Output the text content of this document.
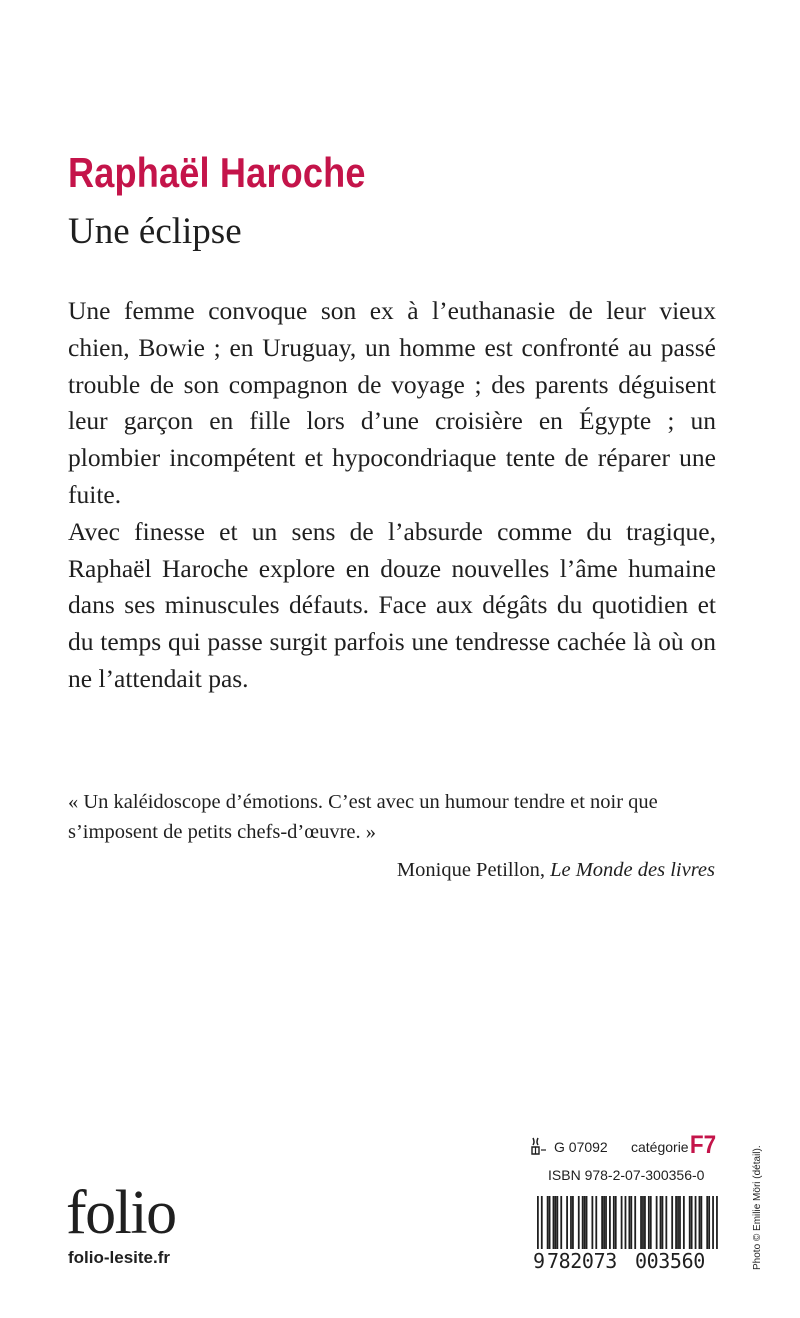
Raphaël Haroche
Une éclipse

Une femme convoque son ex à l’euthanasie de leur vieux chien, Bowie ; en Uruguay, un homme est confronté au passé trouble de son compagnon de voyage ; des parents déguisent leur garçon en fille lors d’une croisière en Égypte ; un plombier incompétent et hypocondriaque tente de réparer une fuite.

Avec finesse et un sens de l’absurde comme du tragique, Raphaël Haroche explore en douze nouvelles l’âme humaine dans ses minuscules défauts. Face aux dégâts du quotidien et du temps qui passe surgit parfois une tendresse cachée là où on ne l’attendait pas.

« Un kaléidoscope d’émotions. C’est avec un humour tendre et noir que s’imposent de petits chefs-d’œuvre. »

Monique Petillon, Le Monde des livres

folio
folio-lesite.fr
G 07092 catégorie F7
ISBN 978-2-07-300356-0
9 782073 003560	Photo © Emilie Möri (détail).
